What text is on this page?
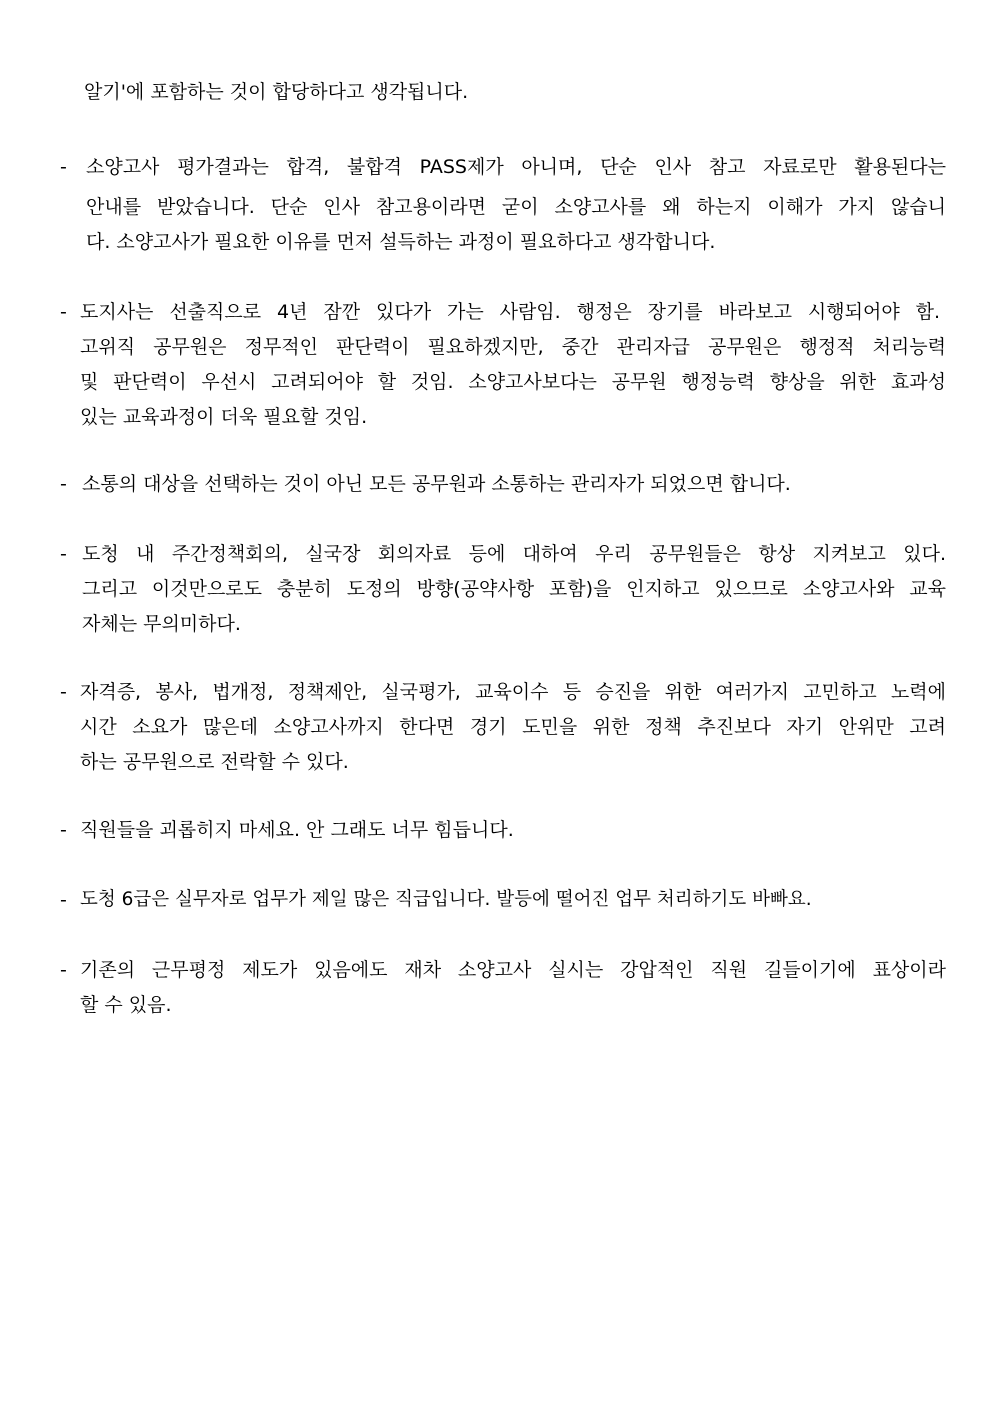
알기'에 포함하는 것이 합당하다고 생각됩니다.
- 소양고사 평가결과는 합격, 불합격 PASS제가 아니며, 단순 인사 참고 자료로만 활용된다는
안내를 받았습니다. 단순 인사 참고용이라면 굳이 소양고사를 왜 하는지 이해가 가지 않습니
다. 소양고사가 필요한 이유를 먼저 설득하는 과정이 필요하다고 생각합니다.
- 도지사는 선출직으로 4년 잠깐 있다가 가는 사람임. 행정은 장기를 바라보고 시행되어야 함.
고위직 공무원은 정무적인 판단력이 필요하겠지만, 중간 관리자급 공무원은 행정적 처리능력
및 판단력이 우선시 고려되어야 할 것임. 소양고사보다는 공무원 행정능력 향상을 위한 효과성
있는 교육과정이 더욱 필요할 것임.
- 소통의 대상을 선택하는 것이 아닌 모든 공무원과 소통하는 관리자가 되었으면 합니다.
- 도청 내 주간정책회의, 실국장 회의자료 등에 대하여 우리 공무원들은 항상 지켜보고 있다.
그리고 이것만으로도 충분히 도정의 방향(공약사항 포함)을 인지하고 있으므로 소양고사와 교육
자체는 무의미하다.
- 자격증, 봉사, 법개정, 정책제안, 실국평가, 교육이수 등 승진을 위한 여러가지 고민하고 노력에
시간 소요가 많은데 소양고사까지 한다면 경기 도민을 위한 정책 추진보다 자기 안위만 고려
하는 공무원으로 전락할 수 있다.
- 직원들을 괴롭히지 마세요. 안 그래도 너무 힘듭니다.
- 도청 6급은 실무자로 업무가 제일 많은 직급입니다. 발등에 떨어진 업무 처리하기도 바빠요.
- 기존의 근무평정 제도가 있음에도 재차 소양고사 실시는 강압적인 직원 길들이기에 표상이라
할 수 있음.
